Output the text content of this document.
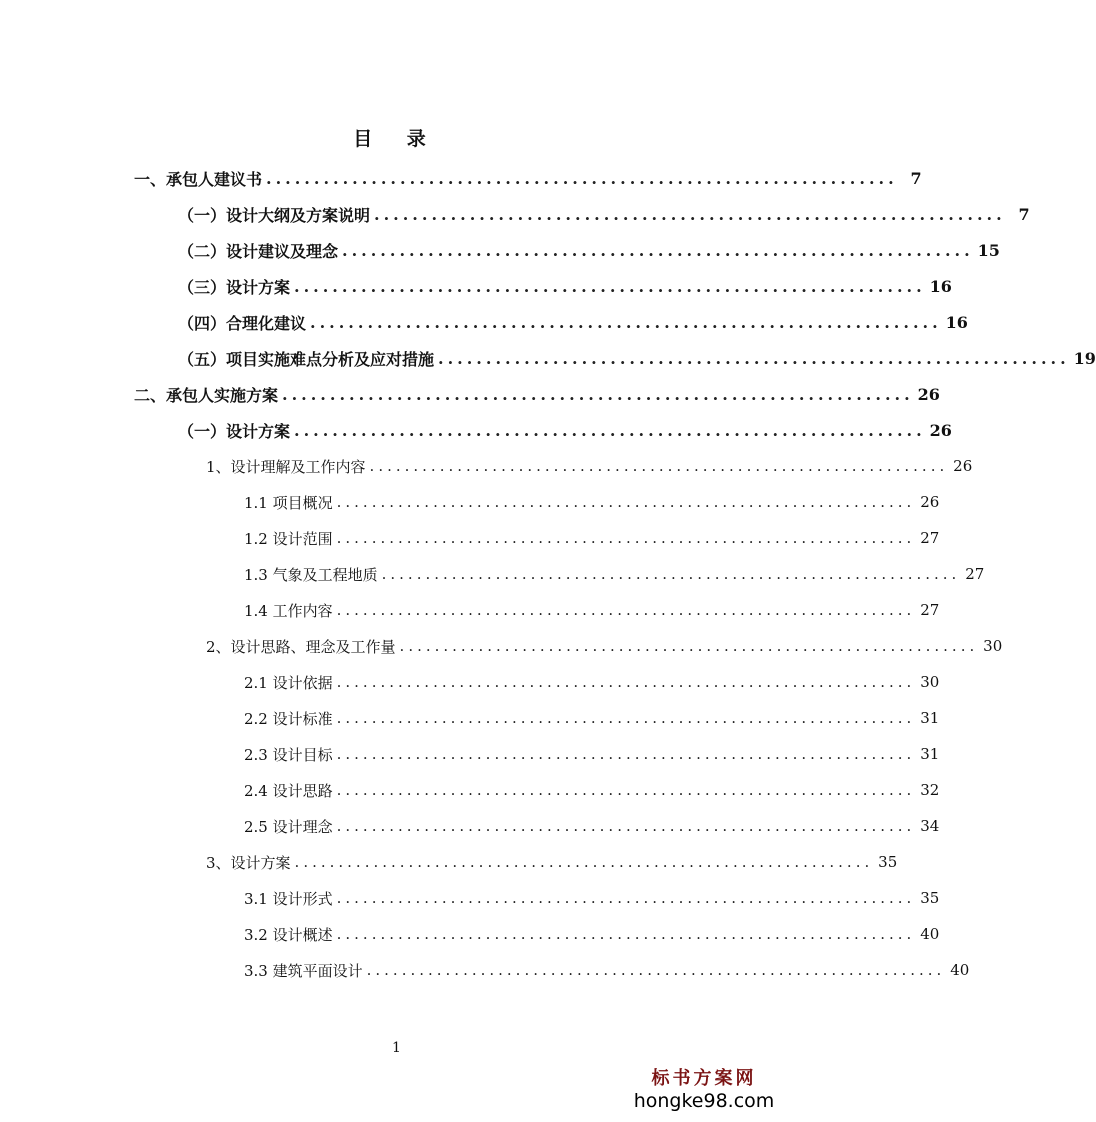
目 录
一、承包人建议书 .................................................................. 7
（一）设计大纲及方案说明 .................................................................. 7
（二）设计建议及理念 .................................................................. 15
（三）设计方案 .................................................................. 16
（四）合理化建议 .................................................................. 16
（五）项目实施难点分析及应对措施 .................................................................. 19
二、承包人实施方案 .................................................................. 26
（一）设计方案 .................................................................. 26
1、设计理解及工作内容 .................................................................. 26
1.1 项目概况 .................................................................. 26
1.2 设计范围 .................................................................. 27
1.3 气象及工程地质 .................................................................. 27
1.4 工作内容 .................................................................. 27
2、设计思路、理念及工作量 .................................................................. 30
2.1 设计依据 .................................................................. 30
2.2 设计标准 .................................................................. 31
2.3 设计目标 .................................................................. 31
2.4 设计思路 .................................................................. 32
2.5 设计理念 .................................................................. 34
3、设计方案 .................................................................. 35
3.1 设计形式 .................................................................. 35
3.2 设计概述 .................................................................. 40
3.3 建筑平面设计 .................................................................. 40
1
标书方案网
hongke98.com
